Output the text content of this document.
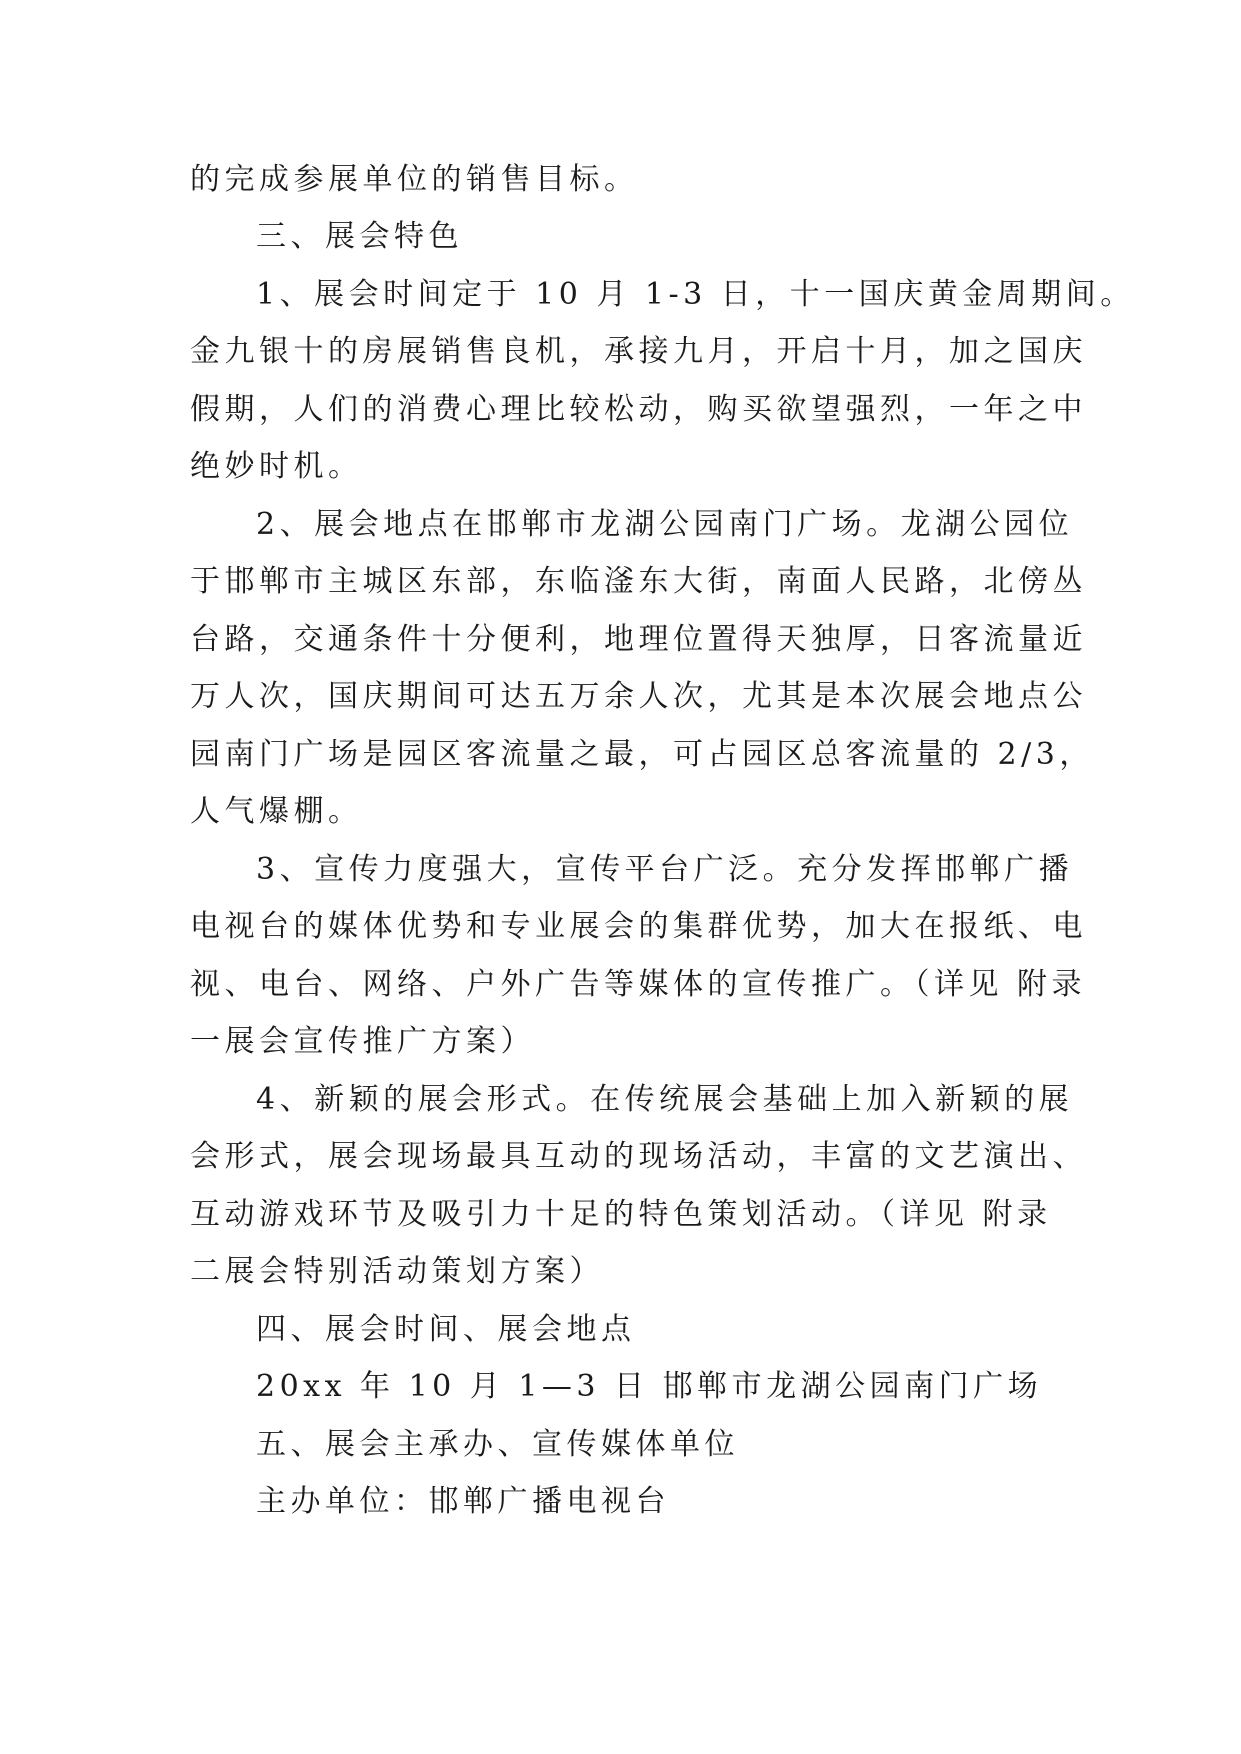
的完成参展单位的销售目标。
三、展会特色
1、展会时间定于 10 月 1-3 日，十一国庆黄金周期间。
金九银十的房展销售良机，承接九月，开启十月，加之国庆
假期，人们的消费心理比较松动，购买欲望强烈，一年之中
绝妙时机。
2、展会地点在邯郸市龙湖公园南门广场。龙湖公园位
于邯郸市主城区东部，东临滏东大街，南面人民路，北傍丛
台路，交通条件十分便利，地理位置得天独厚，日客流量近
万人次，国庆期间可达五万余人次，尤其是本次展会地点公
园南门广场是园区客流量之最，可占园区总客流量的 2/3，
人气爆棚。
3、宣传力度强大，宣传平台广泛。充分发挥邯郸广播
电视台的媒体优势和专业展会的集群优势，加大在报纸、电
视、电台、网络、户外广告等媒体的宣传推广。（详见 附录
一展会宣传推广方案）
4、新颖的展会形式。在传统展会基础上加入新颖的展
会形式，展会现场最具互动的现场活动，丰富的文艺演出、
互动游戏环节及吸引力十足的特色策划活动。（详见 附录
二展会特别活动策划方案）
四、展会时间、展会地点
20xx 年 10 月 1—3 日 邯郸市龙湖公园南门广场
五、展会主承办、宣传媒体单位
主办单位：邯郸广播电视台
